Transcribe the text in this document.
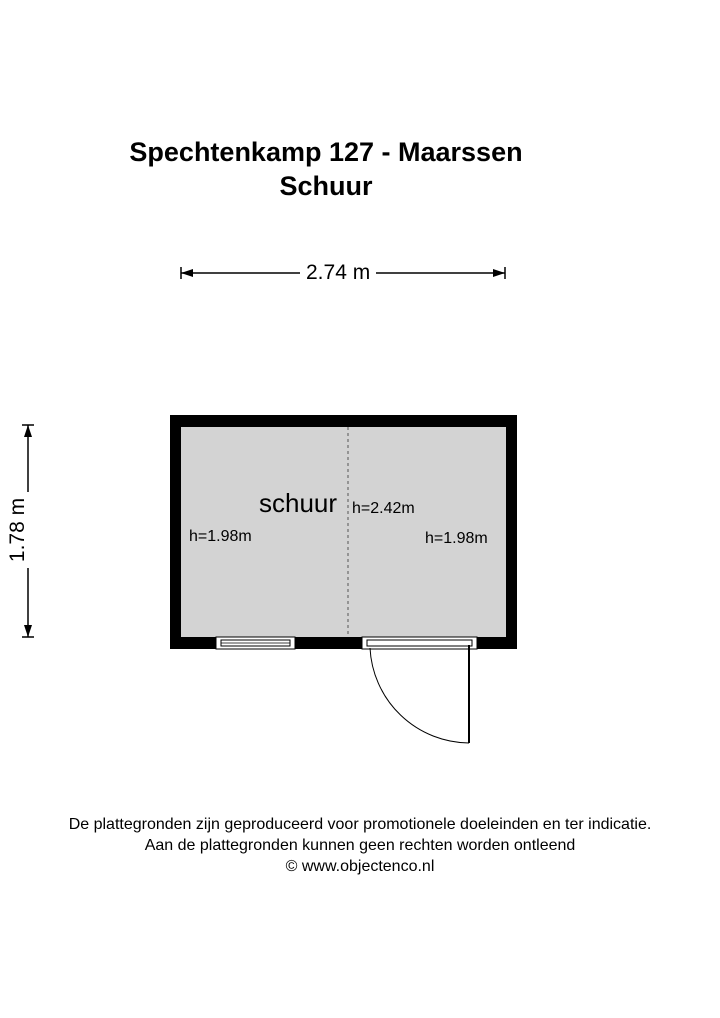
Spechtenkamp 127 - Maarssen
Schuur
2.74 m
1.78 m	schuur h=2.42m
h=1.98m	h=1.98m
De plattegronden zijn geproduceerd voor promotionele doeleinden en ter indicatie.
Aan de plattegronden kunnen geen rechten worden ontleend
© www.objectenco.nl
